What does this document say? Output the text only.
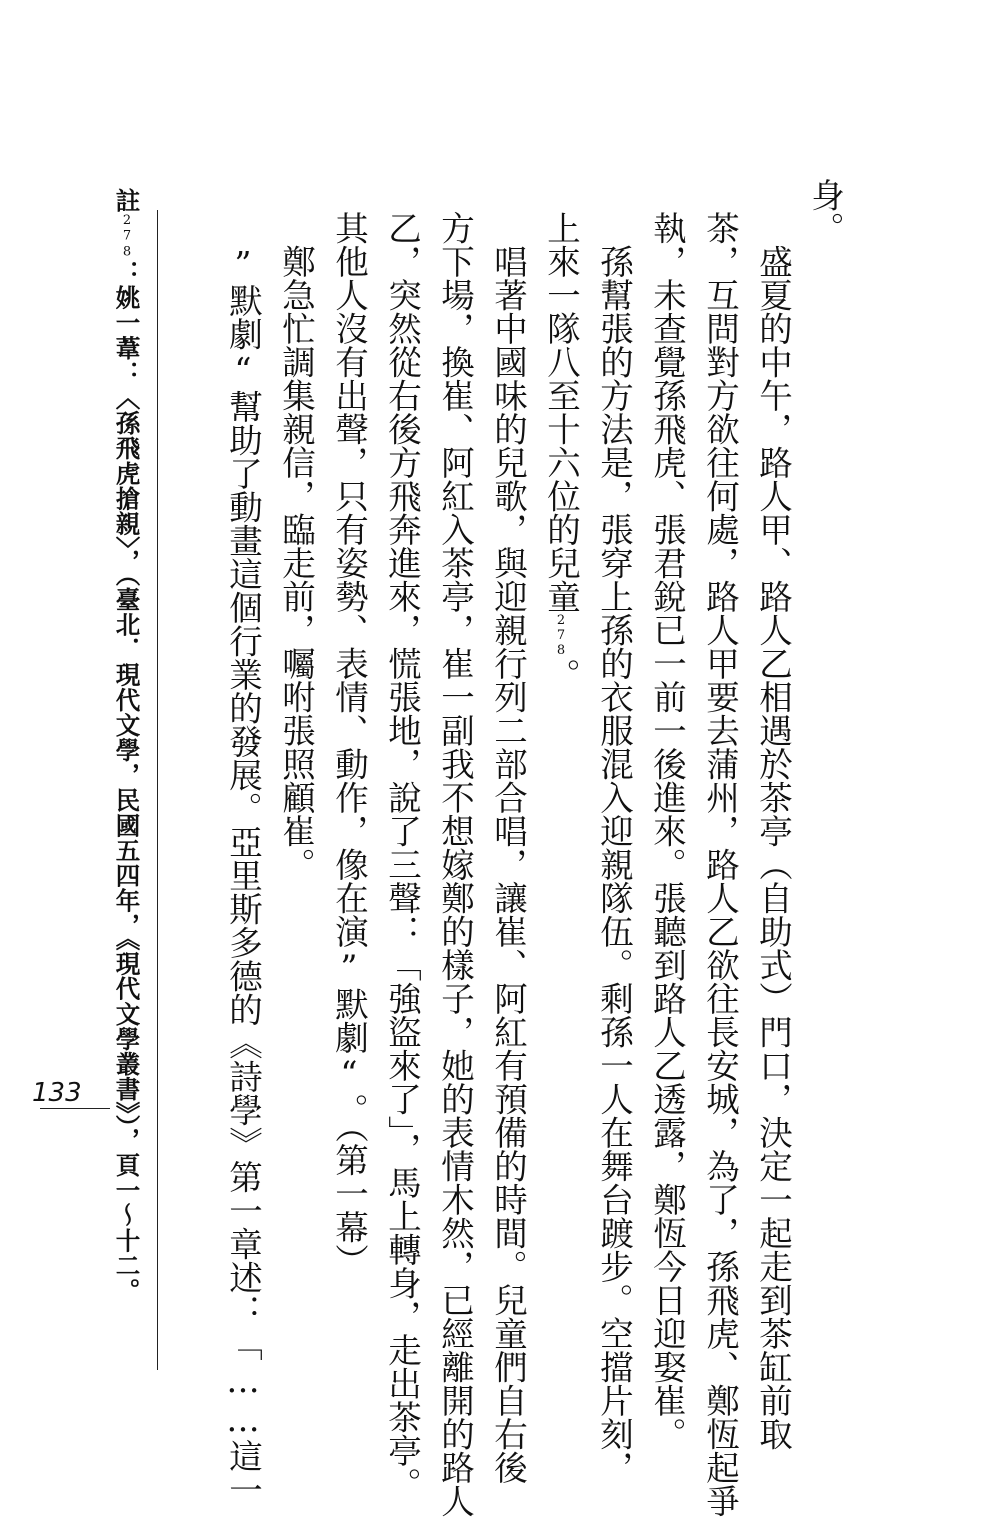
身。
　盛夏的中午，路人甲、路人乙相遇於茶亭（自助式）門口，決定一起走到茶缸前取
茶，互問對方欲往何處，路人甲要去蒲州，路人乙欲往長安城，為了，孫飛虎、鄭恆起爭
執，未查覺孫飛虎、張君銳已一前一後進來。張聽到路人乙透露，鄭恆今日迎娶崔。
　孫幫張的方法是，張穿上孫的衣服混入迎親隊伍。剩孫一人在舞台踱步。空擋片刻，
上來一隊八至十六位的兒童278。
　唱著中國味的兒歌，與迎親行列二部合唱，讓崔、阿紅有預備的時間。兒童們自右後
方下場，換崔、阿紅入茶亭，崔一副我不想嫁鄭的樣子，她的表情木然，已經離開的路人
乙，突然從右後方飛奔進來，慌張地，說了三聲：「強盜來了」，馬上轉身，走出茶亭。
其他人沒有出聲，只有姿勢、表情、動作，像在演”默劇“。（第一幕）
　鄭急忙調集親信，臨走前，囑咐張照顧崔。
　”默劇“幫助了動畫這個行業的發展。亞里斯多德的《詩學》第一章述：「……這一
註278：姚一葦：〈孫飛虎搶親〉，（臺北．現代文學，民國五四年，《現代文學叢書》），頁一～十二。
133
